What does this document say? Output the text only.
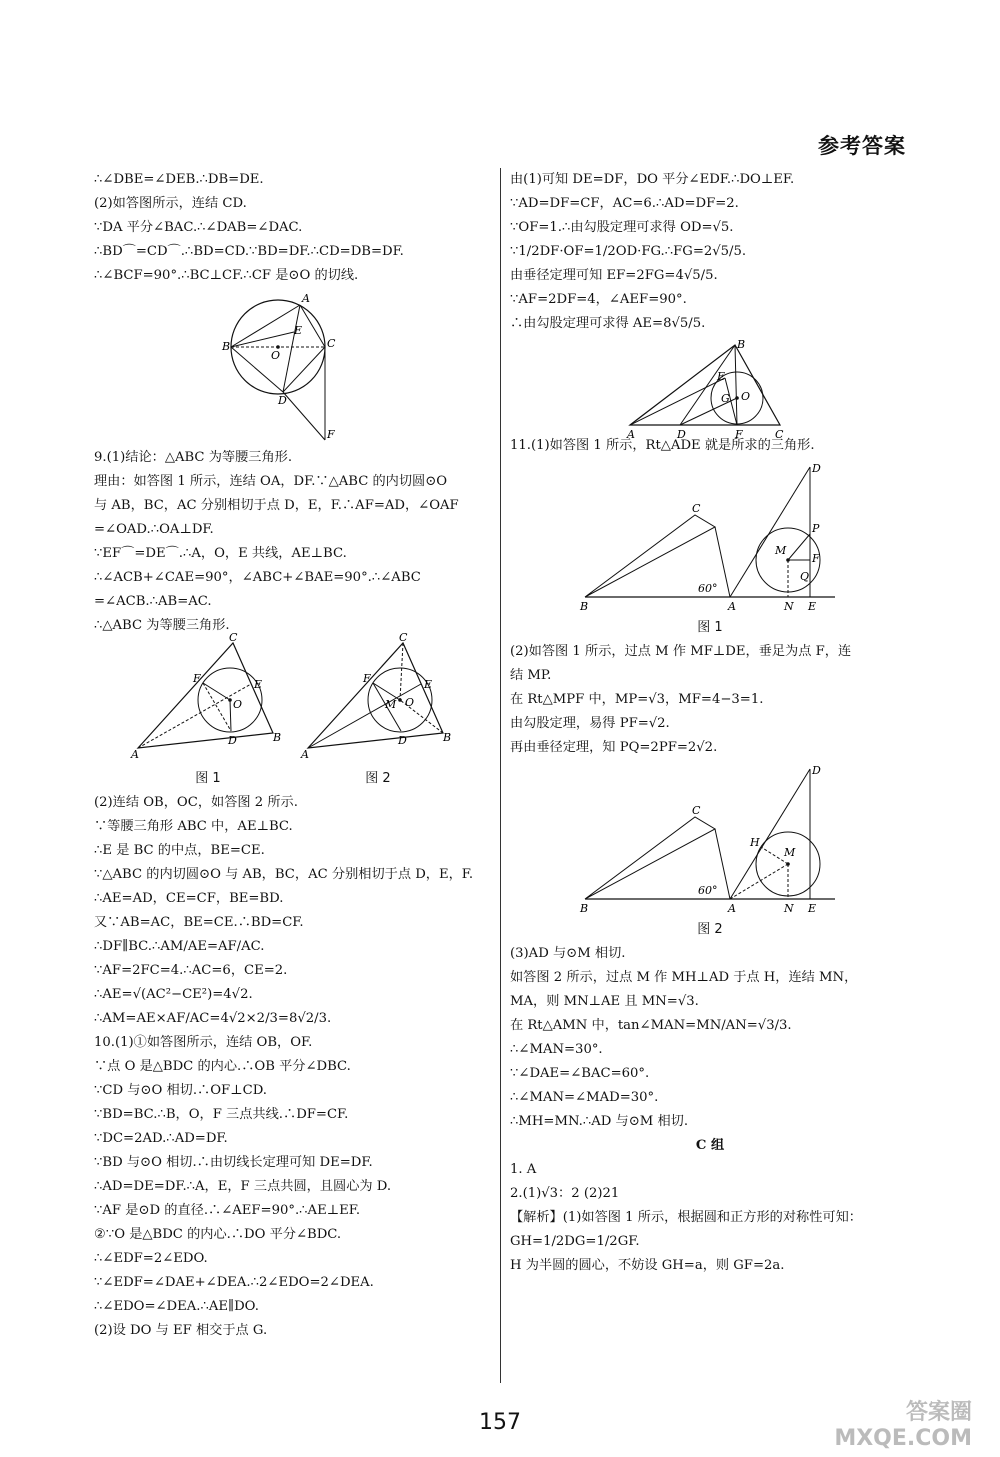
参考答案
∴∠DBE=∠DEB.∴DB=DE.
(2)如答图所示，连结 CD.
∵DA 平分∠BAC.∴∠DAB=∠DAC.
∴BD⌒=CD⌒.∴BD=CD.∵BD=DF.∴CD=DB=DF.
∴∠BCF=90°.∴BC⊥CF.∴CF 是⊙O 的切线.
A
B	C
D
E
F
O
9.(1)结论：△ABC 为等腰三角形.
理由：如答图 1 所示，连结 OA，DF.∵△ABC 的内切圆⊙O
与 AB，BC，AC 分别相切于点 D，E，F.∴AF=AD，∠OAF
=∠OAD.∴OA⊥DF.
∵EF⌒=DE⌒.∴A，O，E 共线，AE⊥BC.
∴∠ACB+∠CAE=90°，∠ABC+∠BAE=90°.∴∠ABC
=∠ACB.∴AB=AC.
∴△ABC 为等腰三角形.
C
A
B
F	E
D
O
图 1
C
A
B
F	E
D
M O
图 2
(2)连结 OB，OC，如答图 2 所示.
∵等腰三角形 ABC 中，AE⊥BC.
∴E 是 BC 的中点，BE=CE.
∵△ABC 的内切圆⊙O 与 AB，BC，AC 分别相切于点 D，E，F.
∴AE=AD，CE=CF，BE=BD.
又∵AB=AC，BE=CE.∴BD=CF.
∴DF∥BC.∴AM/AE=AF/AC.
∵AF=2FC=4.∴AC=6，CE=2.
∴AE=√(AC²−CE²)=4√2.
∴AM=AE×AF/AC=4√2×2/3=8√2/3.
10.(1)①如答图所示，连结 OB，OF.
∵点 O 是△BDC 的内心.∴OB 平分∠DBC.
∵CD 与⊙O 相切.∴OF⊥CD.
∵BD=BC.∴B，O，F 三点共线.∴DF=CF.
∵DC=2AD.∴AD=DF.
∵BD 与⊙O 相切.∴由切线长定理可知 DE=DF.
∴AD=DE=DF.∴A，E，F 三点共圆，且圆心为 D.
∵AF 是⊙D 的直径.∴∠AEF=90°.∴AE⊥EF.
②∵O 是△BDC 的内心.∴DO 平分∠BDC.
∴∠EDF=2∠EDO.
∵∠EDF=∠DAE+∠DEA.∴2∠EDO=2∠DEA.
∴∠EDO=∠DEA.∴AE∥DO.
(2)设 DO 与 EF 相交于点 G.
由(1)可知 DE=DF，DO 平分∠EDF.∴DO⊥EF.
∵AD=DF=CF，AC=6.∴AD=DF=2.
∵OF=1.∴由勾股定理可求得 OD=√5.
∵1/2DF·OF=1/2OD·FG.∴FG=2√5/5.
由垂径定理可知 EF=2FG=4√5/5.
∵AF=2DF=4，∠AEF=90°.
∴由勾股定理可求得 AE=8√5/5.
B
A	D	F	C
E
G O
11.(1)如答图 1 所示，Rt△ADE 就是所求的三角形.
B
C
A
D
P
F
Q
M
N E
60°
图 1
(2)如答图 1 所示，过点 M 作 MF⊥DE，垂足为点 F，连
结 MP.
在 Rt△MPF 中，MP=√3，MF=4−3=1.
由勾股定理，易得 PF=√2.
再由垂径定理，知 PQ=2PF=2√2.
B
C
A
D
H
M
N E
60°
图 2
(3)AD 与⊙M 相切.
如答图 2 所示，过点 M 作 MH⊥AD 于点 H，连结 MN，
MA，则 MN⊥AE 且 MN=√3.
在 Rt△AMN 中，tan∠MAN=MN/AN=√3/3.
∴∠MAN=30°.
∵∠DAE=∠BAC=60°.
∴∠MAN=∠MAD=30°.
∴MH=MN.∴AD 与⊙M 相切.
C 组
1. A
2.(1)√3：2 (2)21
【解析】(1)如答图 1 所示，根据圆和正方形的对称性可知：
GH=1/2DG=1/2GF.
H 为半圆的圆心，不妨设 GH=a，则 GF=2a.
157	答案圈
MXQE.COM
